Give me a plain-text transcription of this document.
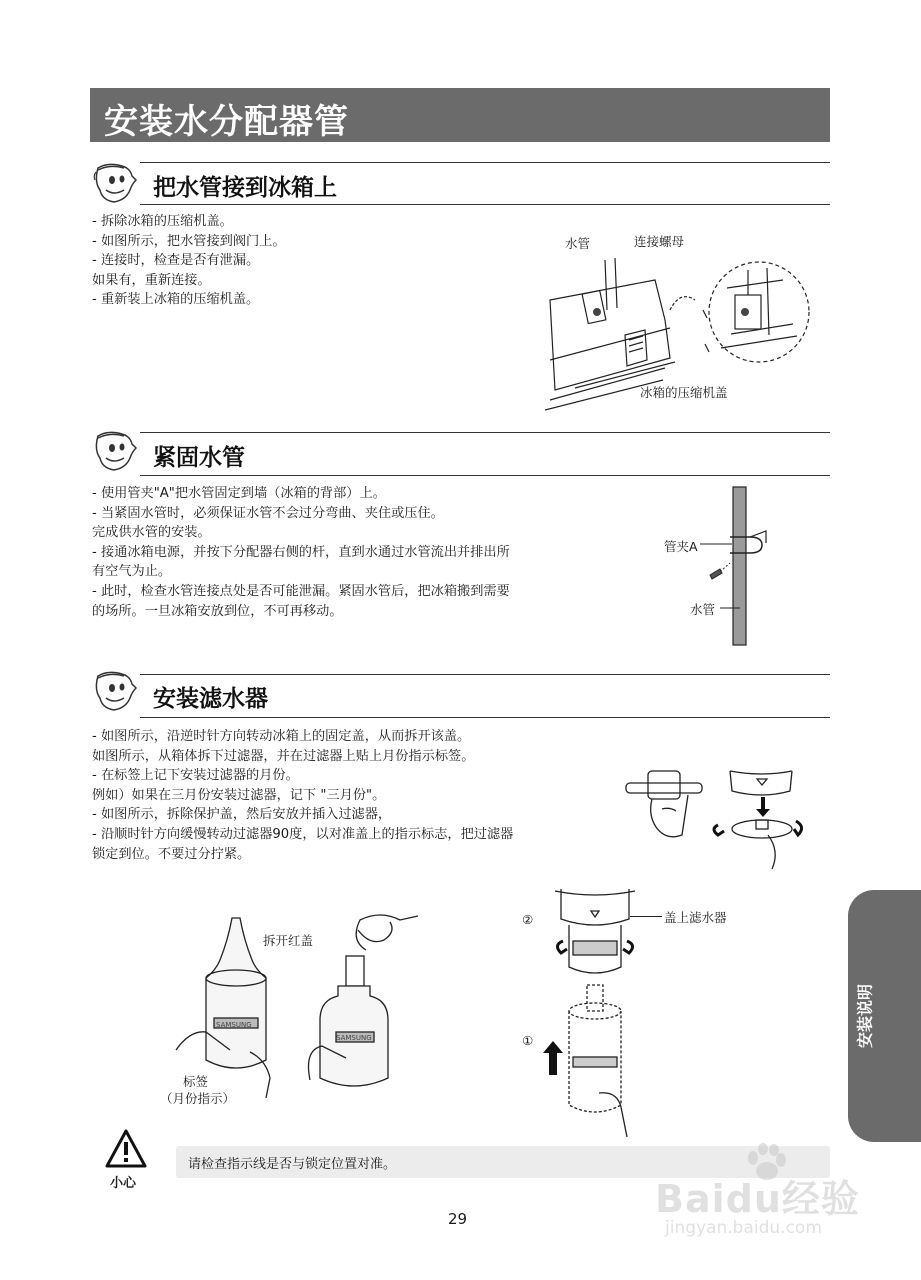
安装水分配器管
把水管接到冰箱上

- 拆除冰箱的压缩机盖。
- 如图所示，把水管接到阀门上。
- 连接时，检查是否有泄漏。
如果有，重新连接。
- 重新装上冰箱的压缩机盖。

水管	连接螺母
冰箱的压缩机盖
紧固水管

- 使用管夹"A"把水管固定到墙（冰箱的背部）上。
- 当紧固水管时，必须保证水管不会过分弯曲、夹住或压住。
完成供水管的安装。
- 接通冰箱电源，并按下分配器右侧的杆，直到水通过水管流出并排出所
有空气为止。
- 此时，检查水管连接点处是否可能泄漏。紧固水管后，把冰箱搬到需要
的场所。一旦冰箱安放到位，不可再移动。

管夹A
水管
安装滤水器

- 如图所示，沿逆时针方向转动冰箱上的固定盖，从而拆开该盖。
如图所示，从箱体拆下过滤器，并在过滤器上贴上月份指示标签。
- 在标签上记下安装过滤器的月份。
例如）如果在三月份安装过滤器，记下 "三月份"。
- 如图所示，拆除保护盖，然后安放并插入过滤器，
- 沿顺时针方向缓慢转动过滤器90度，以对准盖上的指示标志，把过滤器
锁定到位。不要过分拧紧。

拆开红盖
标签
（月份指示）
SAMSUNG
SAMSUNG
②
①
盖上滤水器
安装说明
小心
请检查指示线是否与锁定位置对准。
29	Baidu经验
jingyan.baidu.com
